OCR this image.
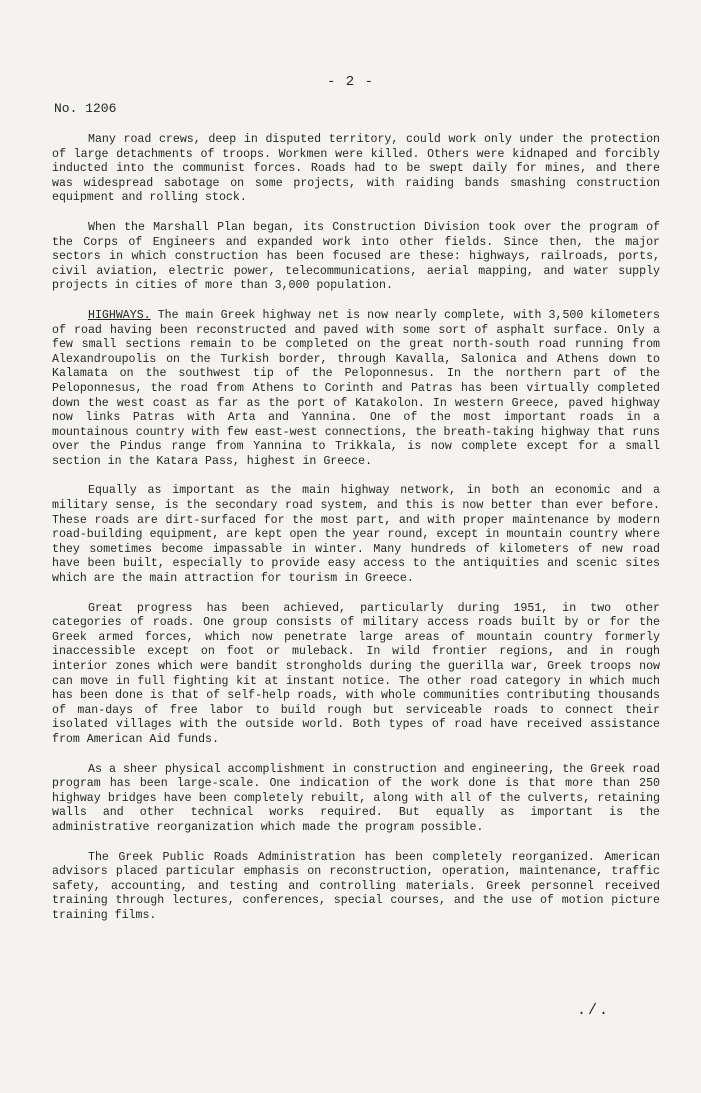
- 2 -
No. 1206

Many road crews, deep in disputed territory, could work only under the protection of large detachments of troops. Workmen were killed. Others were kidnaped and forcibly inducted into the communist forces. Roads had to be swept daily for mines, and there was widespread sabotage on some projects, with raiding bands smashing construction equipment and rolling stock.

When the Marshall Plan began, its Construction Division took over the program of the Corps of Engineers and expanded work into other fields. Since then, the major sectors in which construction has been focused are these: highways, railroads, ports, civil aviation, electric power, telecommunications, aerial mapping, and water supply projects in cities of more than 3,000 population.

HIGHWAYS. The main Greek highway net is now nearly complete, with 3,500 kilometers of road having been reconstructed and paved with some sort of asphalt surface. Only a few small sections remain to be completed on the great north-south road running from Alexandroupolis on the Turkish border, through Kavalla, Salonica and Athens down to Kalamata on the southwest tip of the Peloponnesus. In the northern part of the Peloponnesus, the road from Athens to Corinth and Patras has been virtually completed down the west coast as far as the port of Katakolon. In western Greece, paved highway now links Patras with Arta and Yannina. One of the most important roads in a mountainous country with few east-west connections, the breath-taking highway that runs over the Pindus range from Yannina to Trikkala, is now complete except for a small section in the Katara Pass, highest in Greece.

Equally as important as the main highway network, in both an economic and a military sense, is the secondary road system, and this is now better than ever before. These roads are dirt-surfaced for the most part, and with proper maintenance by modern road-building equipment, are kept open the year round, except in mountain country where they sometimes become impassable in winter. Many hundreds of kilometers of new road have been built, especially to provide easy access to the antiquities and scenic sites which are the main attraction for tourism in Greece.

Great progress has been achieved, particularly during 1951, in two other categories of roads. One group consists of military access roads built by or for the Greek armed forces, which now penetrate large areas of mountain country formerly inaccessible except on foot or muleback. In wild frontier regions, and in rough interior zones which were bandit strongholds during the guerilla war, Greek troops now can move in full fighting kit at instant notice. The other road category in which much has been done is that of self-help roads, with whole communities contributing thousands of man-days of free labor to build rough but serviceable roads to connect their isolated villages with the outside world. Both types of road have received assistance from American Aid funds.

As a sheer physical accomplishment in construction and engineering, the Greek road program has been large-scale. One indication of the work done is that more than 250 highway bridges have been completely rebuilt, along with all of the culverts, retaining walls and other technical works required. But equally as important is the administrative reorganization which made the program possible.

The Greek Public Roads Administration has been completely reorganized. American advisors placed particular emphasis on reconstruction, operation, maintenance, traffic safety, accounting, and testing and controlling materials. Greek personnel received training through lectures, conferences, special courses, and the use of motion picture training films.

./.
